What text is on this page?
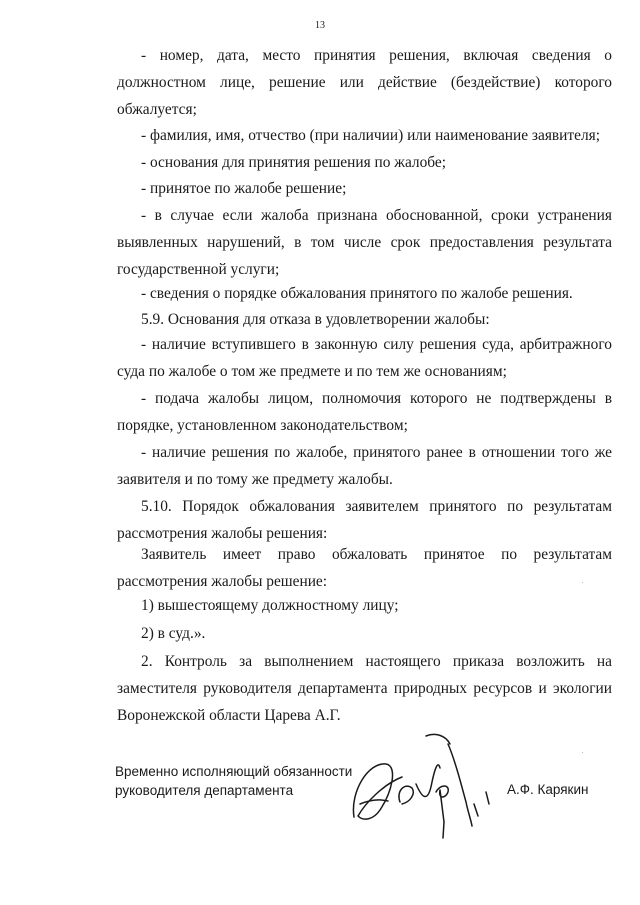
13
- номер, дата, место принятия решения, включая сведения о
должностном лице, решение или действие (бездействие) которого
обжалуется;
- фамилия, имя, отчество (при наличии) или наименование заявителя;
- основания для принятия решения по жалобе;
- принятое по жалобе решение;
- в случае если жалоба признана обоснованной, сроки устранения
выявленных нарушений, в том числе срок предоставления результата
государственной услуги;
- сведения о порядке обжалования принятого по жалобе решения.
5.9. Основания для отказа в удовлетворении жалобы:
- наличие вступившего в законную силу решения суда, арбитражного
суда по жалобе о том же предмете и по тем же основаниям;
- подача жалобы лицом, полномочия которого не подтверждены в
порядке, установленном законодательством;
- наличие решения по жалобе, принятого ранее в отношении того же
заявителя и по тому же предмету жалобы.
5.10. Порядок обжалования заявителем принятого по результатам
рассмотрения жалобы решения:
Заявитель имеет право обжаловать принятое по результатам
рассмотрения жалобы решение:
1) вышестоящему должностному лицу;
2) в суд.».
2. Контроль за выполнением настоящего приказа возложить на
заместителя руководителя департамента природных ресурсов и экологии
Воронежской области Царева А.Г.
Временно исполняющий обязанности
руководителя департамента	А.Ф. Карякин
